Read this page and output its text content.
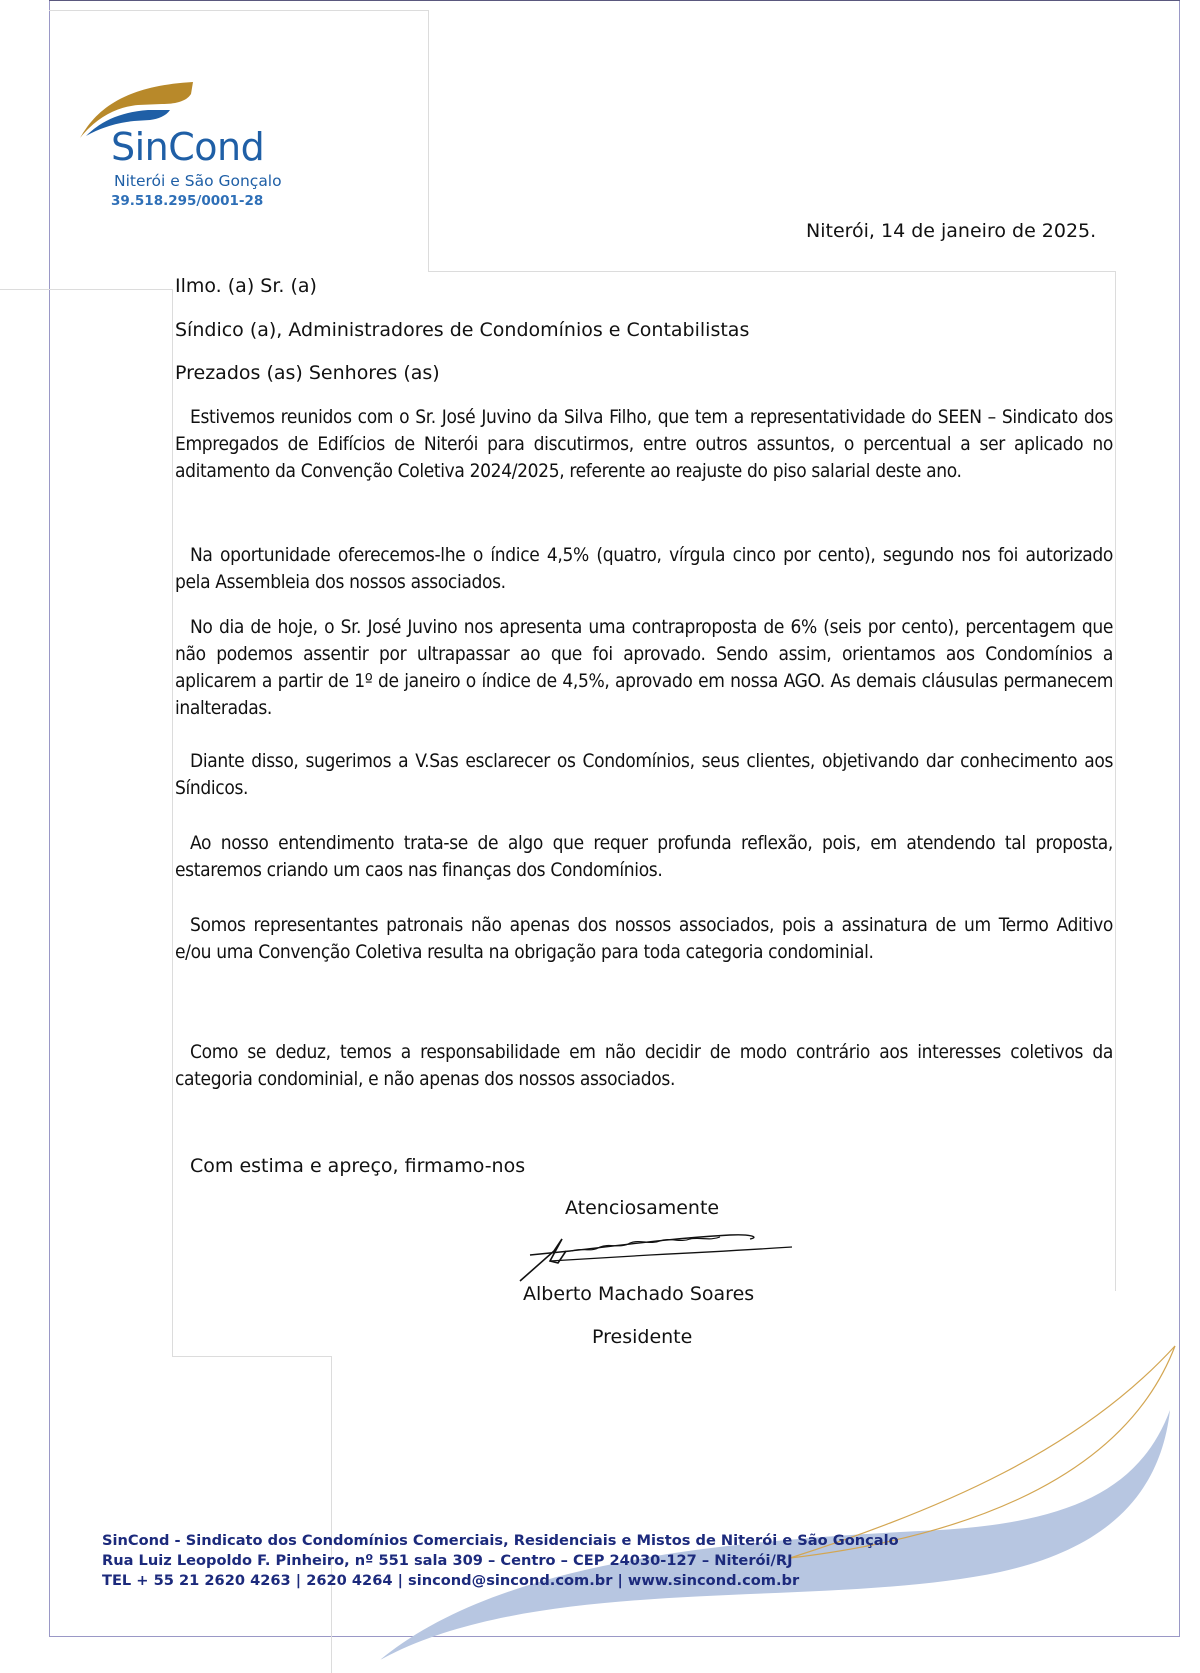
SinCond
Niterói e São Gonçalo
39.518.295/0001-28
Niterói, 14 de janeiro de 2025.
Ilmo. (a) Sr. (a)
Síndico (a), Administradores de Condomínios e Contabilistas
Prezados (as) Senhores (as)
Estivemos reunidos com o Sr. José Juvino da Silva Filho, que tem a representatividade do SEEN – Sindicato dos Empregados de Edifícios de Niterói para discutirmos, entre outros assuntos, o percentual a ser aplicado no aditamento da Convenção Coletiva 2024/2025, referente ao reajuste do piso salarial deste ano.
Na oportunidade oferecemos-lhe o índice 4,5% (quatro, vírgula cinco por cento), segundo nos foi autorizado pela Assembleia dos nossos associados.
No dia de hoje, o Sr. José Juvino nos apresenta uma contraproposta de 6% (seis por cento), percentagem que não podemos assentir por ultrapassar ao que foi aprovado. Sendo assim, orientamos aos Condomínios a aplicarem a partir de 1º de janeiro o índice de 4,5%, aprovado em nossa AGO. As demais cláusulas permanecem inalteradas.
Diante disso, sugerimos a V.Sas esclarecer os Condomínios, seus clientes, objetivando dar conhecimento aos Síndicos.
Ao nosso entendimento trata-se de algo que requer profunda reflexão, pois, em atendendo tal proposta, estaremos criando um caos nas finanças dos Condomínios.
Somos representantes patronais não apenas dos nossos associados, pois a assinatura de um Termo Aditivo e/ou uma Convenção Coletiva resulta na obrigação para toda categoria condominial.
Como se deduz, temos a responsabilidade em não decidir de modo contrário aos interesses coletivos da categoria condominial, e não apenas dos nossos associados.
Com estima e apreço, firmamo-nos
Atenciosamente
Alberto Machado Soares
Presidente
SinCond - Sindicato dos Condomínios Comerciais, Residenciais e Mistos de Niterói e São Gonçalo
Rua Luiz Leopoldo F. Pinheiro, nº 551 sala 309 – Centro – CEP 24030-127 – Niterói/RJ
TEL + 55 21 2620 4263 | 2620 4264 | sincond@sincond.com.br | www.sincond.com.br
